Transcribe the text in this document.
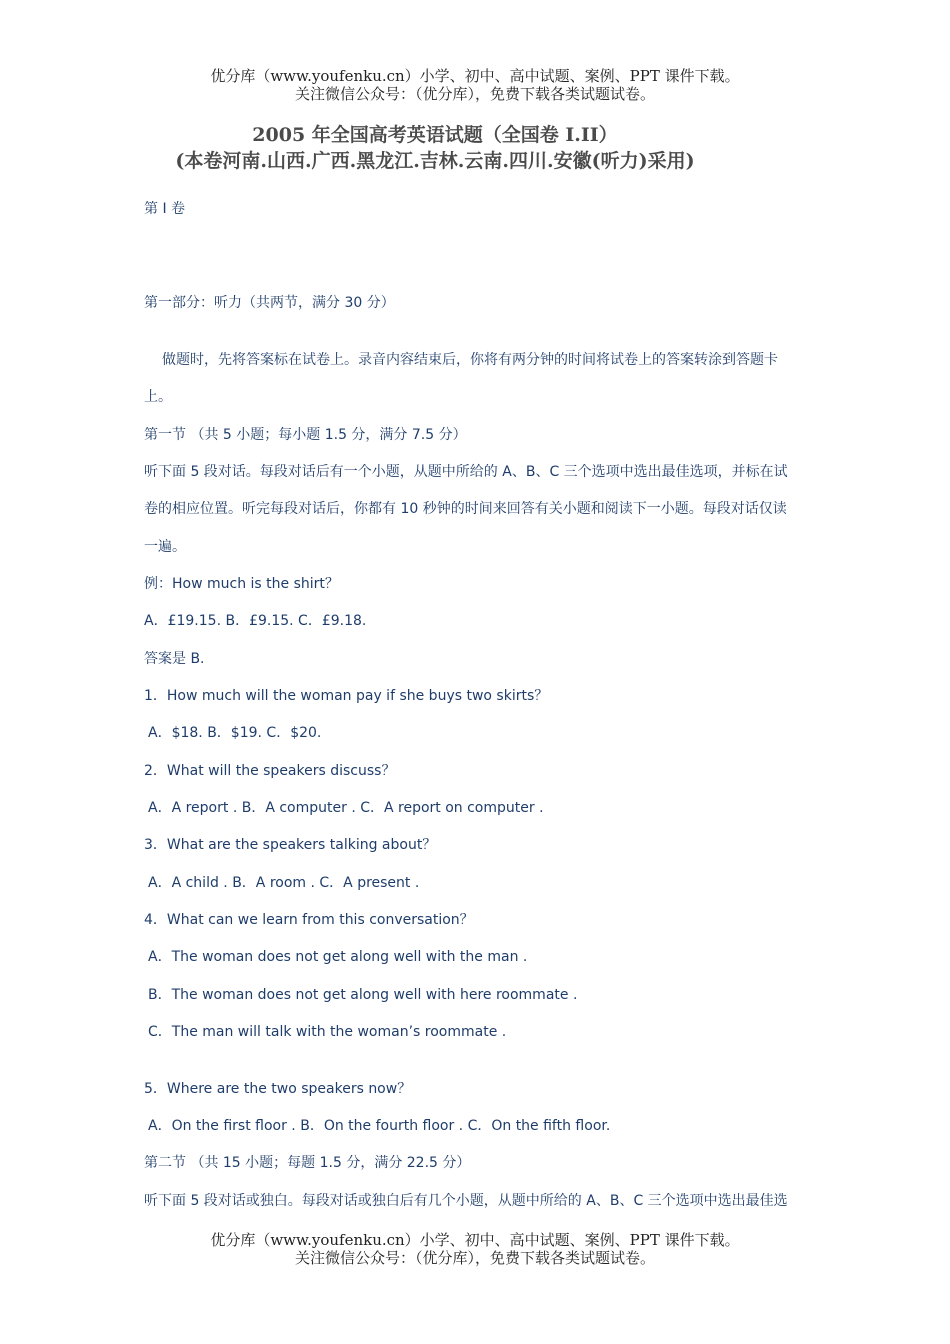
优分库（www.youfenku.cn）小学、初中、高中试题、案例、PPT 课件下载。
关注微信公众号：（优分库），免费下载各类试题试卷。
2005 年全国高考英语试题（全国卷 I.II）
(本卷河南.山西.广西.黑龙江.吉林.云南.四川.安徽(听力)采用)
第 I 卷
第一部分：听力（共两节，满分 30 分）
做题时，先将答案标在试卷上。录音内容结束后，你将有两分钟的时间将试卷上的答案转涂到答题卡
上。
第一节 （共 5 小题；每小题 1.5 分，满分 7.5 分）
听下面 5 段对话。每段对话后有一个小题，从题中所给的 A、B、C 三个选项中选出最佳选项，并标在试
卷的相应位置。听完每段对话后，你都有 10 秒钟的时间来回答有关小题和阅读下一小题。每段对话仅读
一遍。
例：How much is the shirt？
A．£19.15. B．£9.15. C．£9.18.
答案是 B.
1．How much will the woman pay if she buys two skirts？
A．$18. B．$19. C．$20.
2．What will the speakers discuss？
A．A report . B．A computer . C．A report on computer .
3．What are the speakers talking about？
A．A child . B．A room . C．A present .
4．What can we learn from this conversation？
A．The woman does not get along well with the man .
B．The woman does not get along well with here roommate .
C．The man will talk with the woman’s roommate .
5．Where are the two speakers now？
A．On the first floor . B．On the fourth floor . C．On the fifth floor.
第二节 （共 15 小题；每题 1.5 分，满分 22.5 分）
听下面 5 段对话或独白。每段对话或独白后有几个小题，从题中所给的 A、B、C 三个选项中选出最佳选
优分库（www.youfenku.cn）小学、初中、高中试题、案例、PPT 课件下载。
关注微信公众号：（优分库），免费下载各类试题试卷。
